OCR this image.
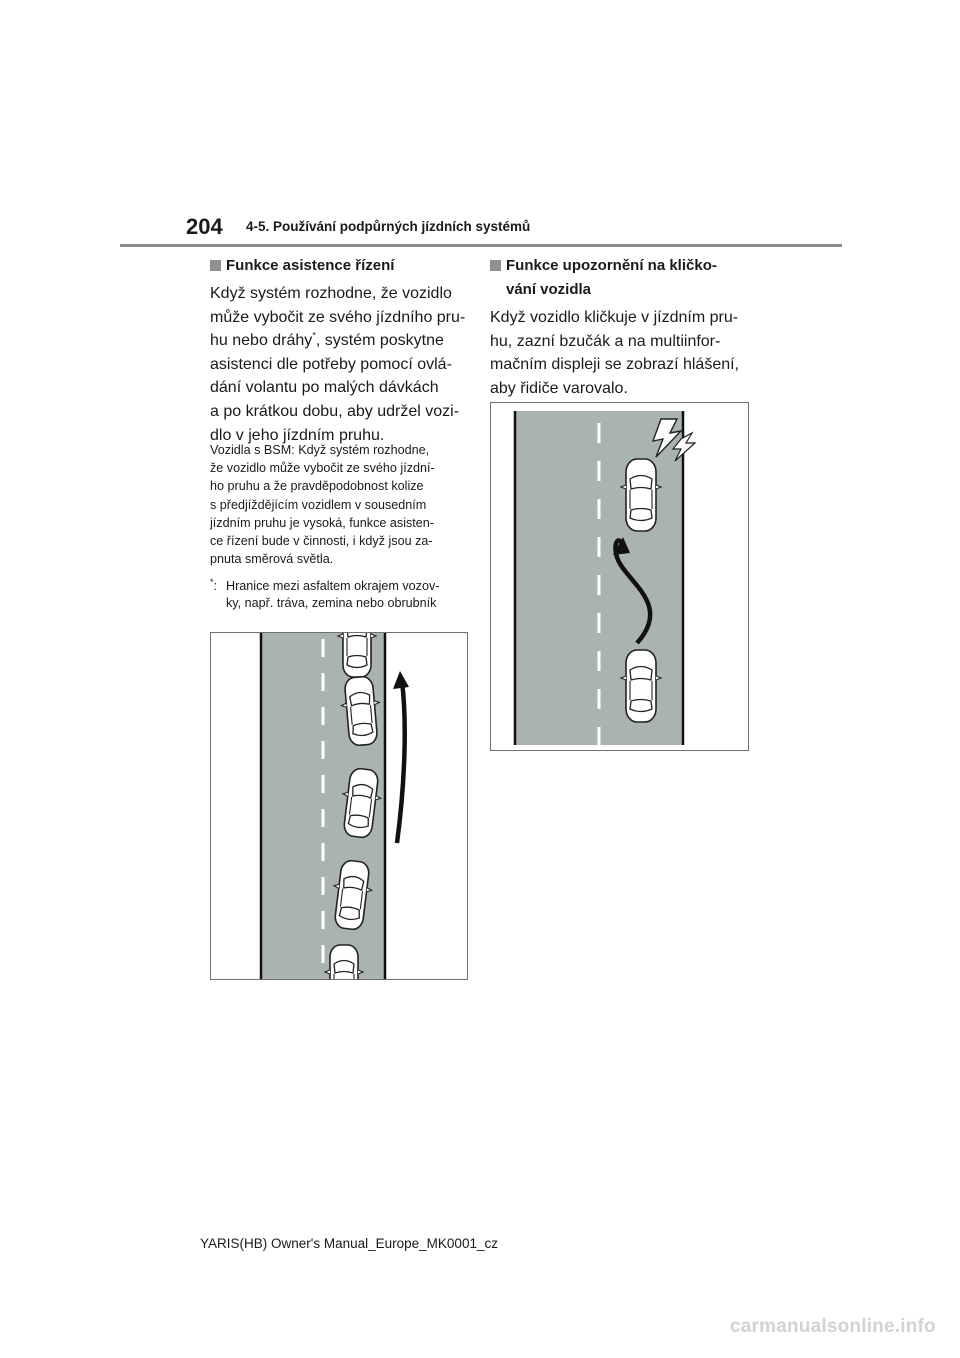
204 4-5. Používání podpůrných jízdních systémů
Funkce asistence řízení
Když systém rozhodne, že vozidlo
může vybočit ze svého jízdního pru-
hu nebo dráhy*, systém poskytne
asistenci dle potřeby pomocí ovlá-
dání volantu po malých dávkách
a po krátkou dobu, aby udržel vozi-
dlo v jeho jízdním pruhu.
Vozidla s BSM: Když systém rozhodne,
že vozidlo může vybočit ze svého jízdní-
ho pruhu a že pravděpodobnost kolize
s předjíždějícím vozidlem v sousedním
jízdním pruhu je vysoká, funkce asisten-
ce řízení bude v činnosti, i když jsou za-
pnuta směrová světla.
*: Hranice mezi asfaltem okrajem vozov-
ky, např. tráva, zemina nebo obrubník
Funkce upozornění na kličko-
vání vozidla
Když vozidlo kličkuje v jízdním pru-
hu, zazní bzučák a na multiinfor-
mačním displeji se zobrazí hlášení,
aby řidiče varovalo.
YARIS(HB) Owner's Manual_Europe_MK0001_cz
carmanualsonline.info
